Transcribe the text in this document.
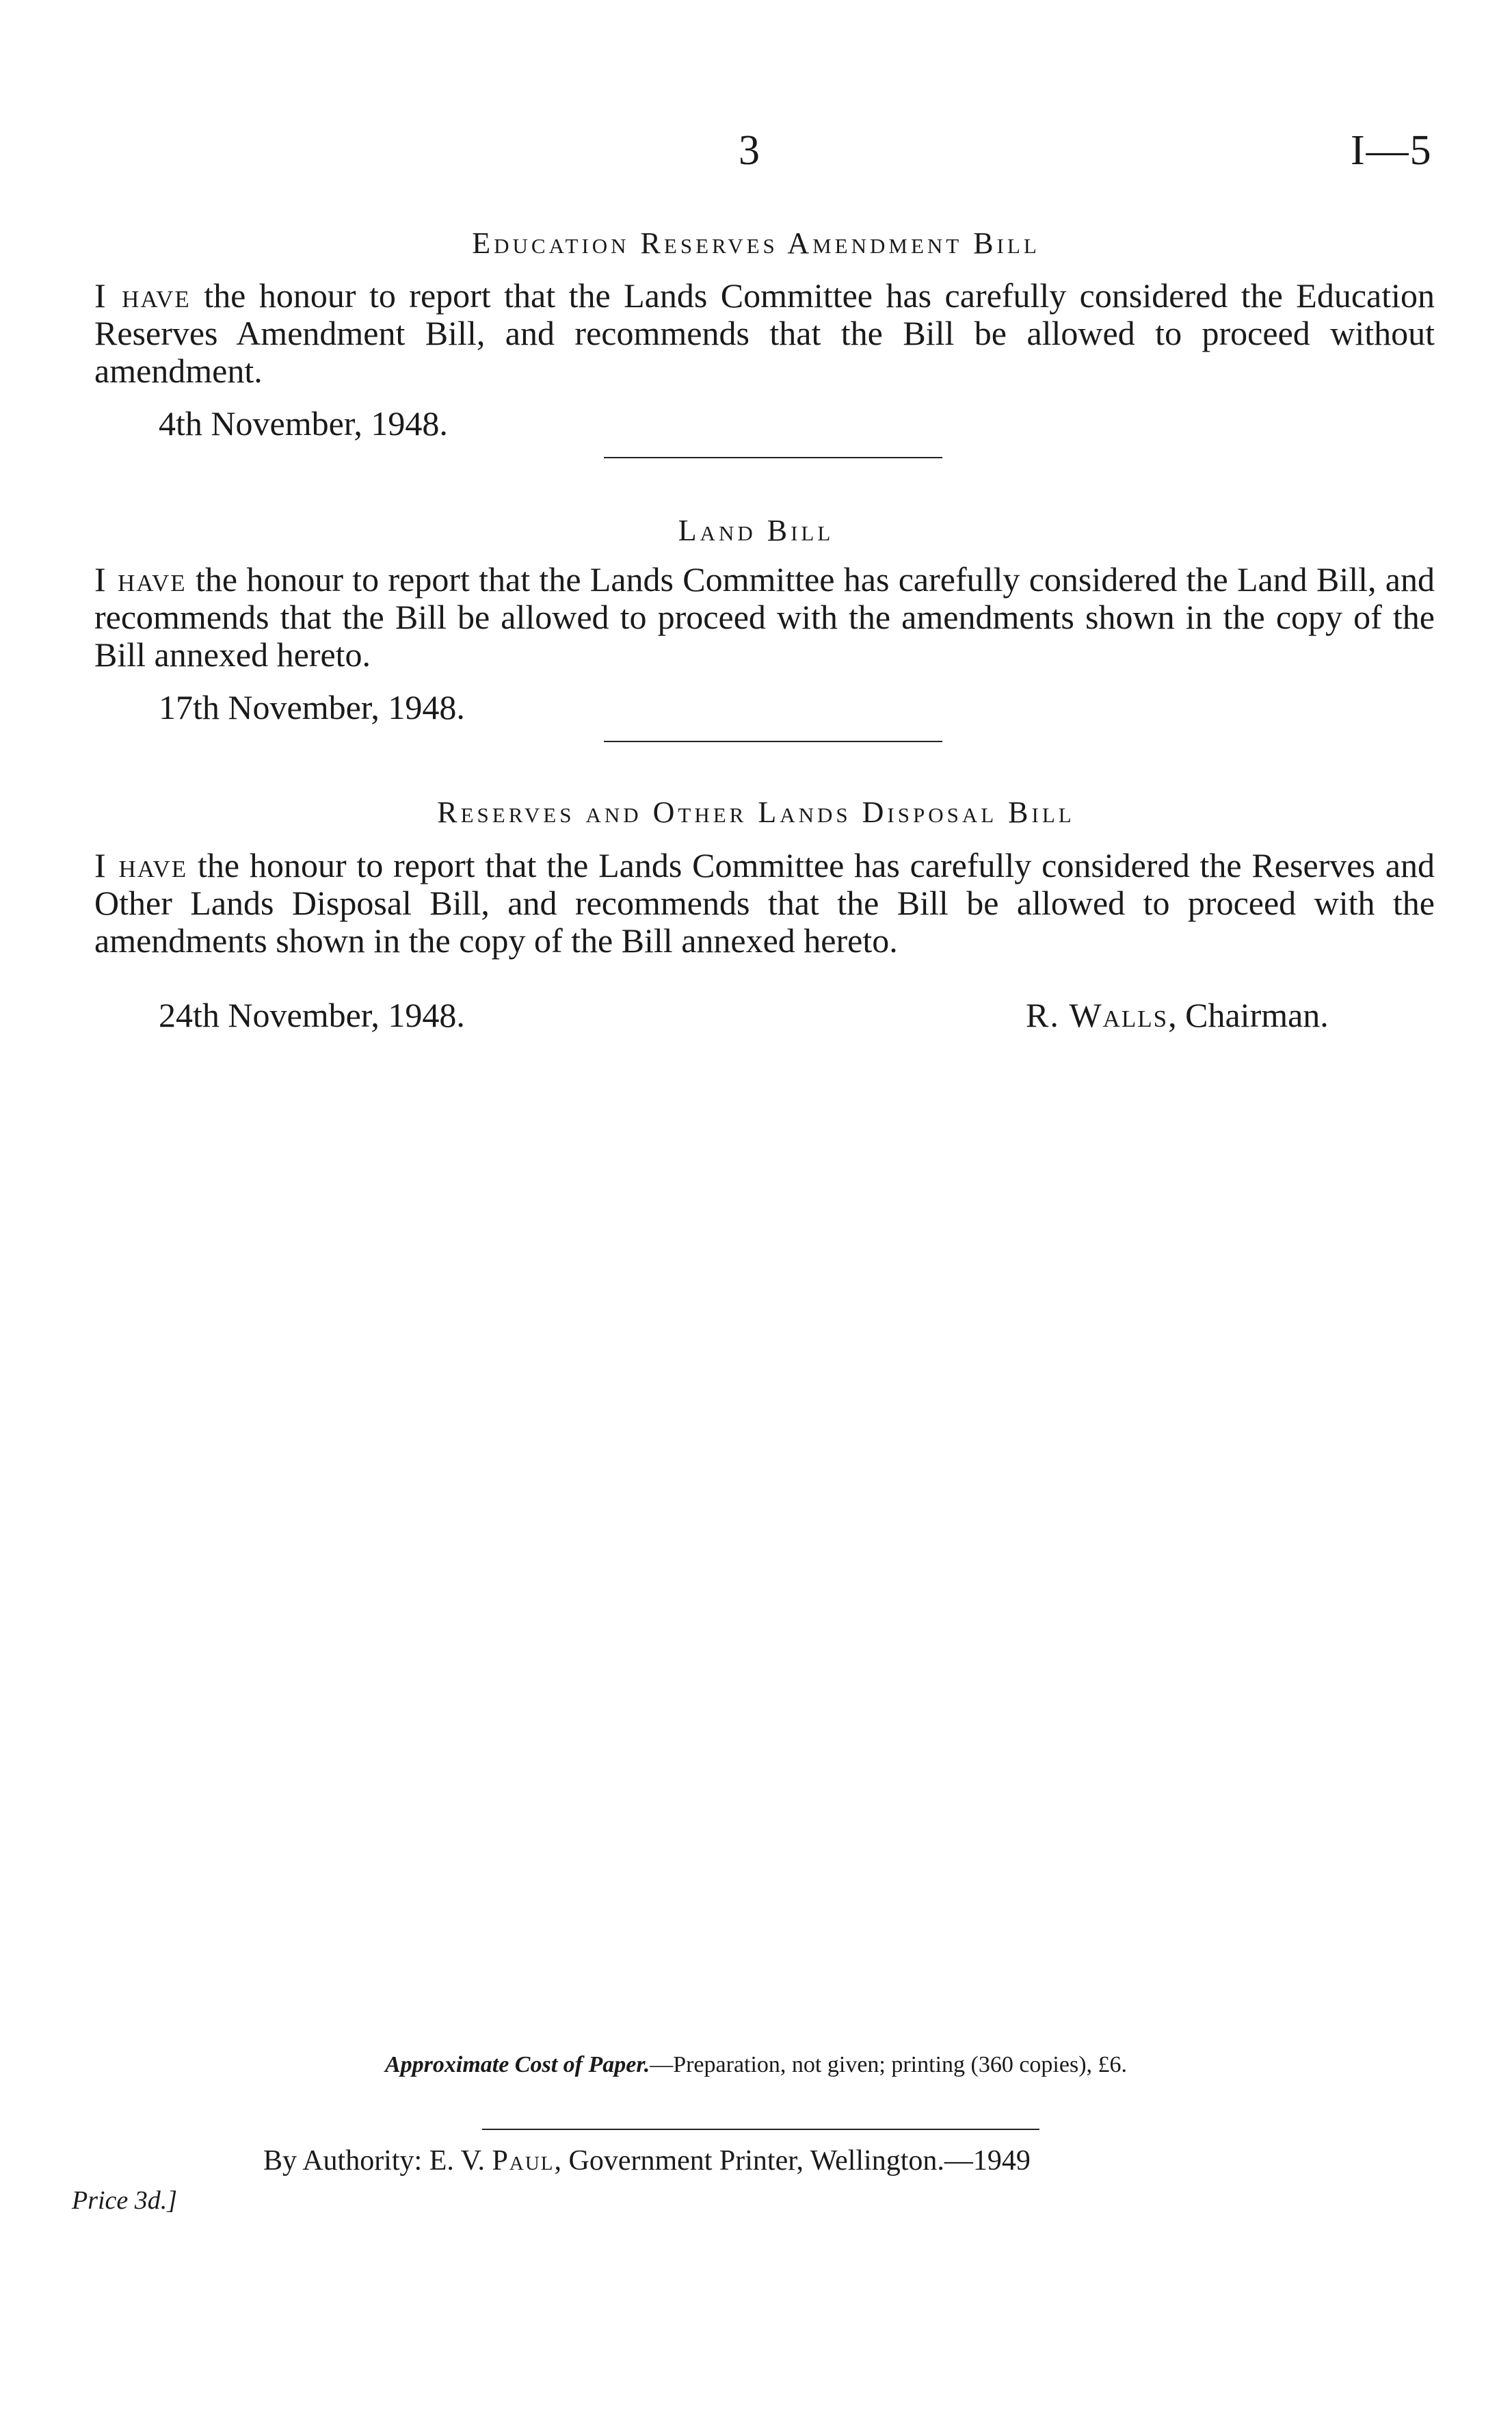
3	I—5
Education Reserves Amendment Bill
I have the honour to report that the Lands Committee has carefully considered the Education Reserves Amendment Bill, and recommends that the Bill be allowed to proceed without amendment.
4th November, 1948.
Land Bill
I have the honour to report that the Lands Committee has carefully considered the Land Bill, and recommends that the Bill be allowed to proceed with the amendments shown in the copy of the Bill annexed hereto.
17th November, 1948.
Reserves and Other Lands Disposal Bill
I have the honour to report that the Lands Committee has carefully considered the Reserves and Other Lands Disposal Bill, and recommends that the Bill be allowed to proceed with the amendments shown in the copy of the Bill annexed hereto.
24th November, 1948.	R. Walls, Chairman.
Approximate Cost of Paper.—Preparation, not given; printing (360 copies), £6.
By Authority: E. V. Paul, Government Printer, Wellington.—1949
Price 3d.]
